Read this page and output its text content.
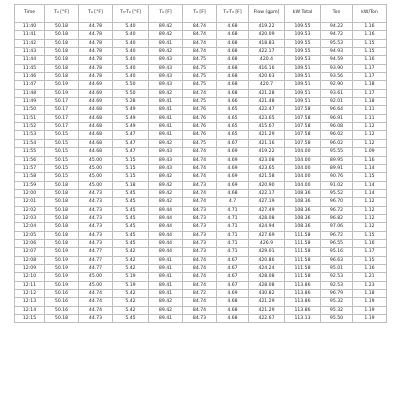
Time	T₀ [°F]	T₀ [°F]	T₀-T₀ [°F]	T₀ [F]	T₀ [F]	T₀-T₀ [F]	Flow [gpm]	kW Total	Ton	kW/Ton
11:40	50.18	44.78	5.40	89.42	84.74	4.68	419.22	109.55	94.22	1.16
11:41	50.18	44.78	5.40	89.42	84.74	4.68	420.09	109.53	94.72	1.16
11:42	50.18	44.78	5.40	89.41	84.74	4.68	418.83	109.55	95.53	1.15
11:43	50.18	44.78	5.40	89.42	84.74	4.68	422.17	109.55	94.93	1.15
11:44	50.18	44.78	5.40	89.43	84.75	4.68	420.4	109.53	94.59	1.16
11:45	50.18	44.78	5.40	89.43	84.75	4.68	416.16	109.51	93.90	1.17
11:46	50.18	44.78	5.40	89.43	84.75	4.68	420.63	109.51	93.56	1.17
11:47	50.19	44.69	5.50	89.43	84.75	4.68	420.7	109.51	92.90	1.18
11:48	50.19	44.69	5.50	89.42	84.74	4.68	421.28	109.51	93.61	1.17
11:49	50.17	44.69	5.28	89.41	84.75	4.66	421.48	109.51	92.01	1.18
11:50	50.17	44.68	5.49	89.41	84.76	4.65	422.47	107.58	96.64	1.11
11:51	50.17	44.68	5.49	89.41	84.76	4.65	423.65	107.58	96.91	1.11
11:52	50.17	44.68	5.49	89.41	84.76	4.65	415.67	107.58	96.08	1.12
11:53	50.15	44.68	5.47	89.41	84.76	4.65	421.29	107.58	96.02	1.12
11:54	50.15	44.68	5.47	89.42	84.75	4.67	421.16	107.58	96.02	1.12
11:55	50.15	44.68	5.47	89.43	84.74	4.69	419.22	104.00	95.55	1.09
11:56	50.15	45.00	5.15	89.43	84.74	4.69	423.08	104.00	89.95	1.16
11:57	50.15	45.00	5.15	89.43	84.74	4.69	423.65	104.00	89.91	1.14
11:58	50.15	45.00	5.15	89.42	84.74	4.69	421.58	104.00	90.76	1.15
11:59	50.18	45.00	5.18	89.42	84.73	4.69	420.90	104.00	91.02	1.14
12:00	50.18	44.73	5.45	89.42	84.74	4.68	422.17	108.36	95.52	1.14
12:01	50.18	44.73	5.45	89.42	84.74	4.7	427.19	108.36	96.70	1.12
12:02	50.18	44.73	5.45	89.44	84.73	4.71	427.49	108.36	96.72	1.12
12:03	50.18	44.73	5.45	89.44	84.73	4.71	428.08	108.36	96.82	1.12
12:04	50.18	44.73	5.45	89.44	84.73	4.71	424.94	108.36	97.06	1.12
12:05	50.18	44.73	5.45	89.44	84.73	4.71	427.69	111.58	96.72	1.15
12:06	50.18	44.73	5.45	89.44	84.73	4.71	426.9	111.58	96.55	1.16
12:07	50.19	44.77	5.42	89.44	84.73	4.71	429.01	111.58	95.16	1.17
12:08	50.19	44.77	5.42	89.41	84.74	4.67	420.86	111.58	96.63	1.15
12:09	50.19	44.77	5.42	89.41	84.74	4.67	424.24	111.58	95.01	1.16
12:10	50.19	45.00	5.19	89.41	84.74	4.67	428.08	111.58	92.53	1.21
12:11	50.19	45.00	5.19	89.41	84.74	4.67	428.08	113.86	92.53	1.23
12:12	50.16	44.74	5.42	89.41	84.72	4.69	430.82	113.86	96.79	1.18
12:13	50.16	44.74	5.42	89.42	84.74	4.68	421.29	113.86	95.32	1.19
12:14	50.16	44.74	5.42	89.42	84.74	4.68	421.29	113.86	95.32	1.19
12:15	50.18	44.73	5.45	89.41	84.73	4.68	422.67	113.13	95.50	1.19
